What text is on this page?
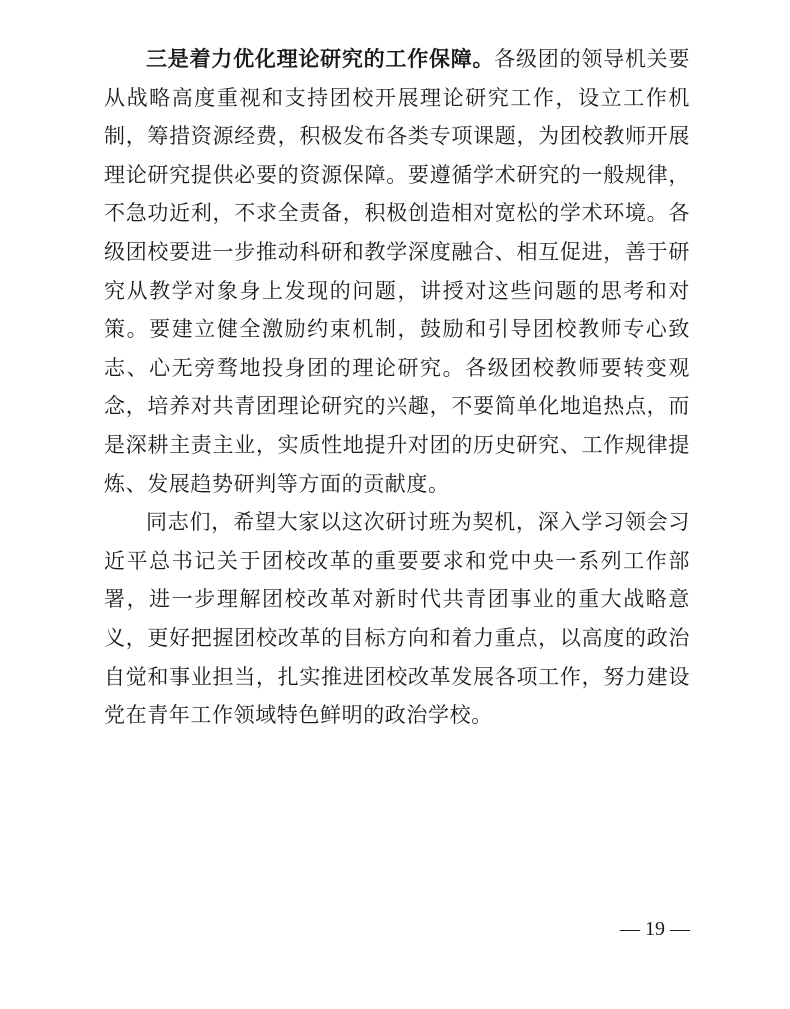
三是着力优化理论研究的工作保障。各级团的领导机关要从战略高度重视和支持团校开展理论研究工作，设立工作机制，筹措资源经费，积极发布各类专项课题，为团校教师开展理论研究提供必要的资源保障。要遵循学术研究的一般规律，不急功近利，不求全责备，积极创造相对宽松的学术环境。各级团校要进一步推动科研和教学深度融合、相互促进，善于研究从教学对象身上发现的问题，讲授对这些问题的思考和对策。要建立健全激励约束机制，鼓励和引导团校教师专心致志、心无旁骛地投身团的理论研究。各级团校教师要转变观念，培养对共青团理论研究的兴趣，不要简单化地追热点，而是深耕主责主业，实质性地提升对团的历史研究、工作规律提炼、发展趋势研判等方面的贡献度。

同志们，希望大家以这次研讨班为契机，深入学习领会习近平总书记关于团校改革的重要要求和党中央一系列工作部署，进一步理解团校改革对新时代共青团事业的重大战略意义，更好把握团校改革的目标方向和着力重点，以高度的政治自觉和事业担当，扎实推进团校改革发展各项工作，努力建设党在青年工作领域特色鲜明的政治学校。

— 19 —
